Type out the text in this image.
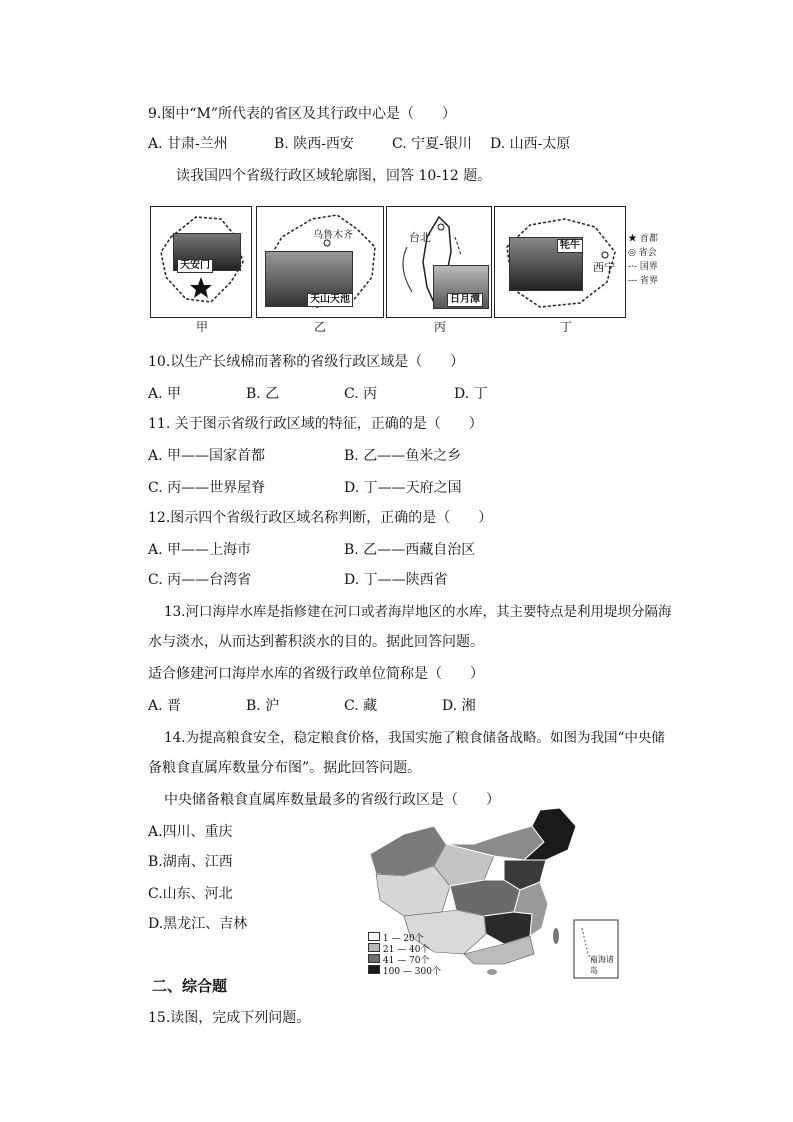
9.图中“M”所代表的省区及其行政中心是（　　）
A. 甘肃-兰州	B. 陕西-西安	C. 宁夏-银川 D. 山西-太原
读我国四个省级行政区域轮廓图，回答 10-12 题。
天安门
甲
乌鲁木齐
天山天池
乙
台北
日月潭
丙
牦牛
西宁
丁
★ 首都
◎ 省会
-·- 国界
--- 省界
10.以生产长绒棉而著称的省级行政区域是（　　）
A. 甲	B. 乙	C. 丙	D. 丁
11. 关于图示省级行政区域的特征，正确的是（　　）
A. 甲——国家首都	B. 乙——鱼米之乡
C. 丙——世界屋脊	D. 丁——天府之国
12.图示四个省级行政区域名称判断，正确的是（　　）
A. 甲——上海市	B. 乙——西藏自治区
C. 丙——台湾省	D. 丁——陕西省
13.河口海岸水库是指修建在河口或者海岸地区的水库，其主要特点是利用堤坝分隔海
水与淡水，从而达到蓄积淡水的目的。据此回答问题。
适合修建河口海岸水库的省级行政单位简称是（　　）
A. 晋	B. 沪	C. 藏	D. 湘
14.为提高粮食安全，稳定粮食价格，我国实施了粮食储备战略。如图为我国“中央储
备粮食直属库数量分布图”。据此回答问题。
中央储备粮食直属库数量最多的省级行政区是（　　）
A.四川、重庆
B.湖南、江西
C.山东、河北
D.黑龙江、吉林
1 — 20个
21 — 40个
41 — 70个
100 — 300个
南海诸岛
二、综合题
15.读图，完成下列问题。
